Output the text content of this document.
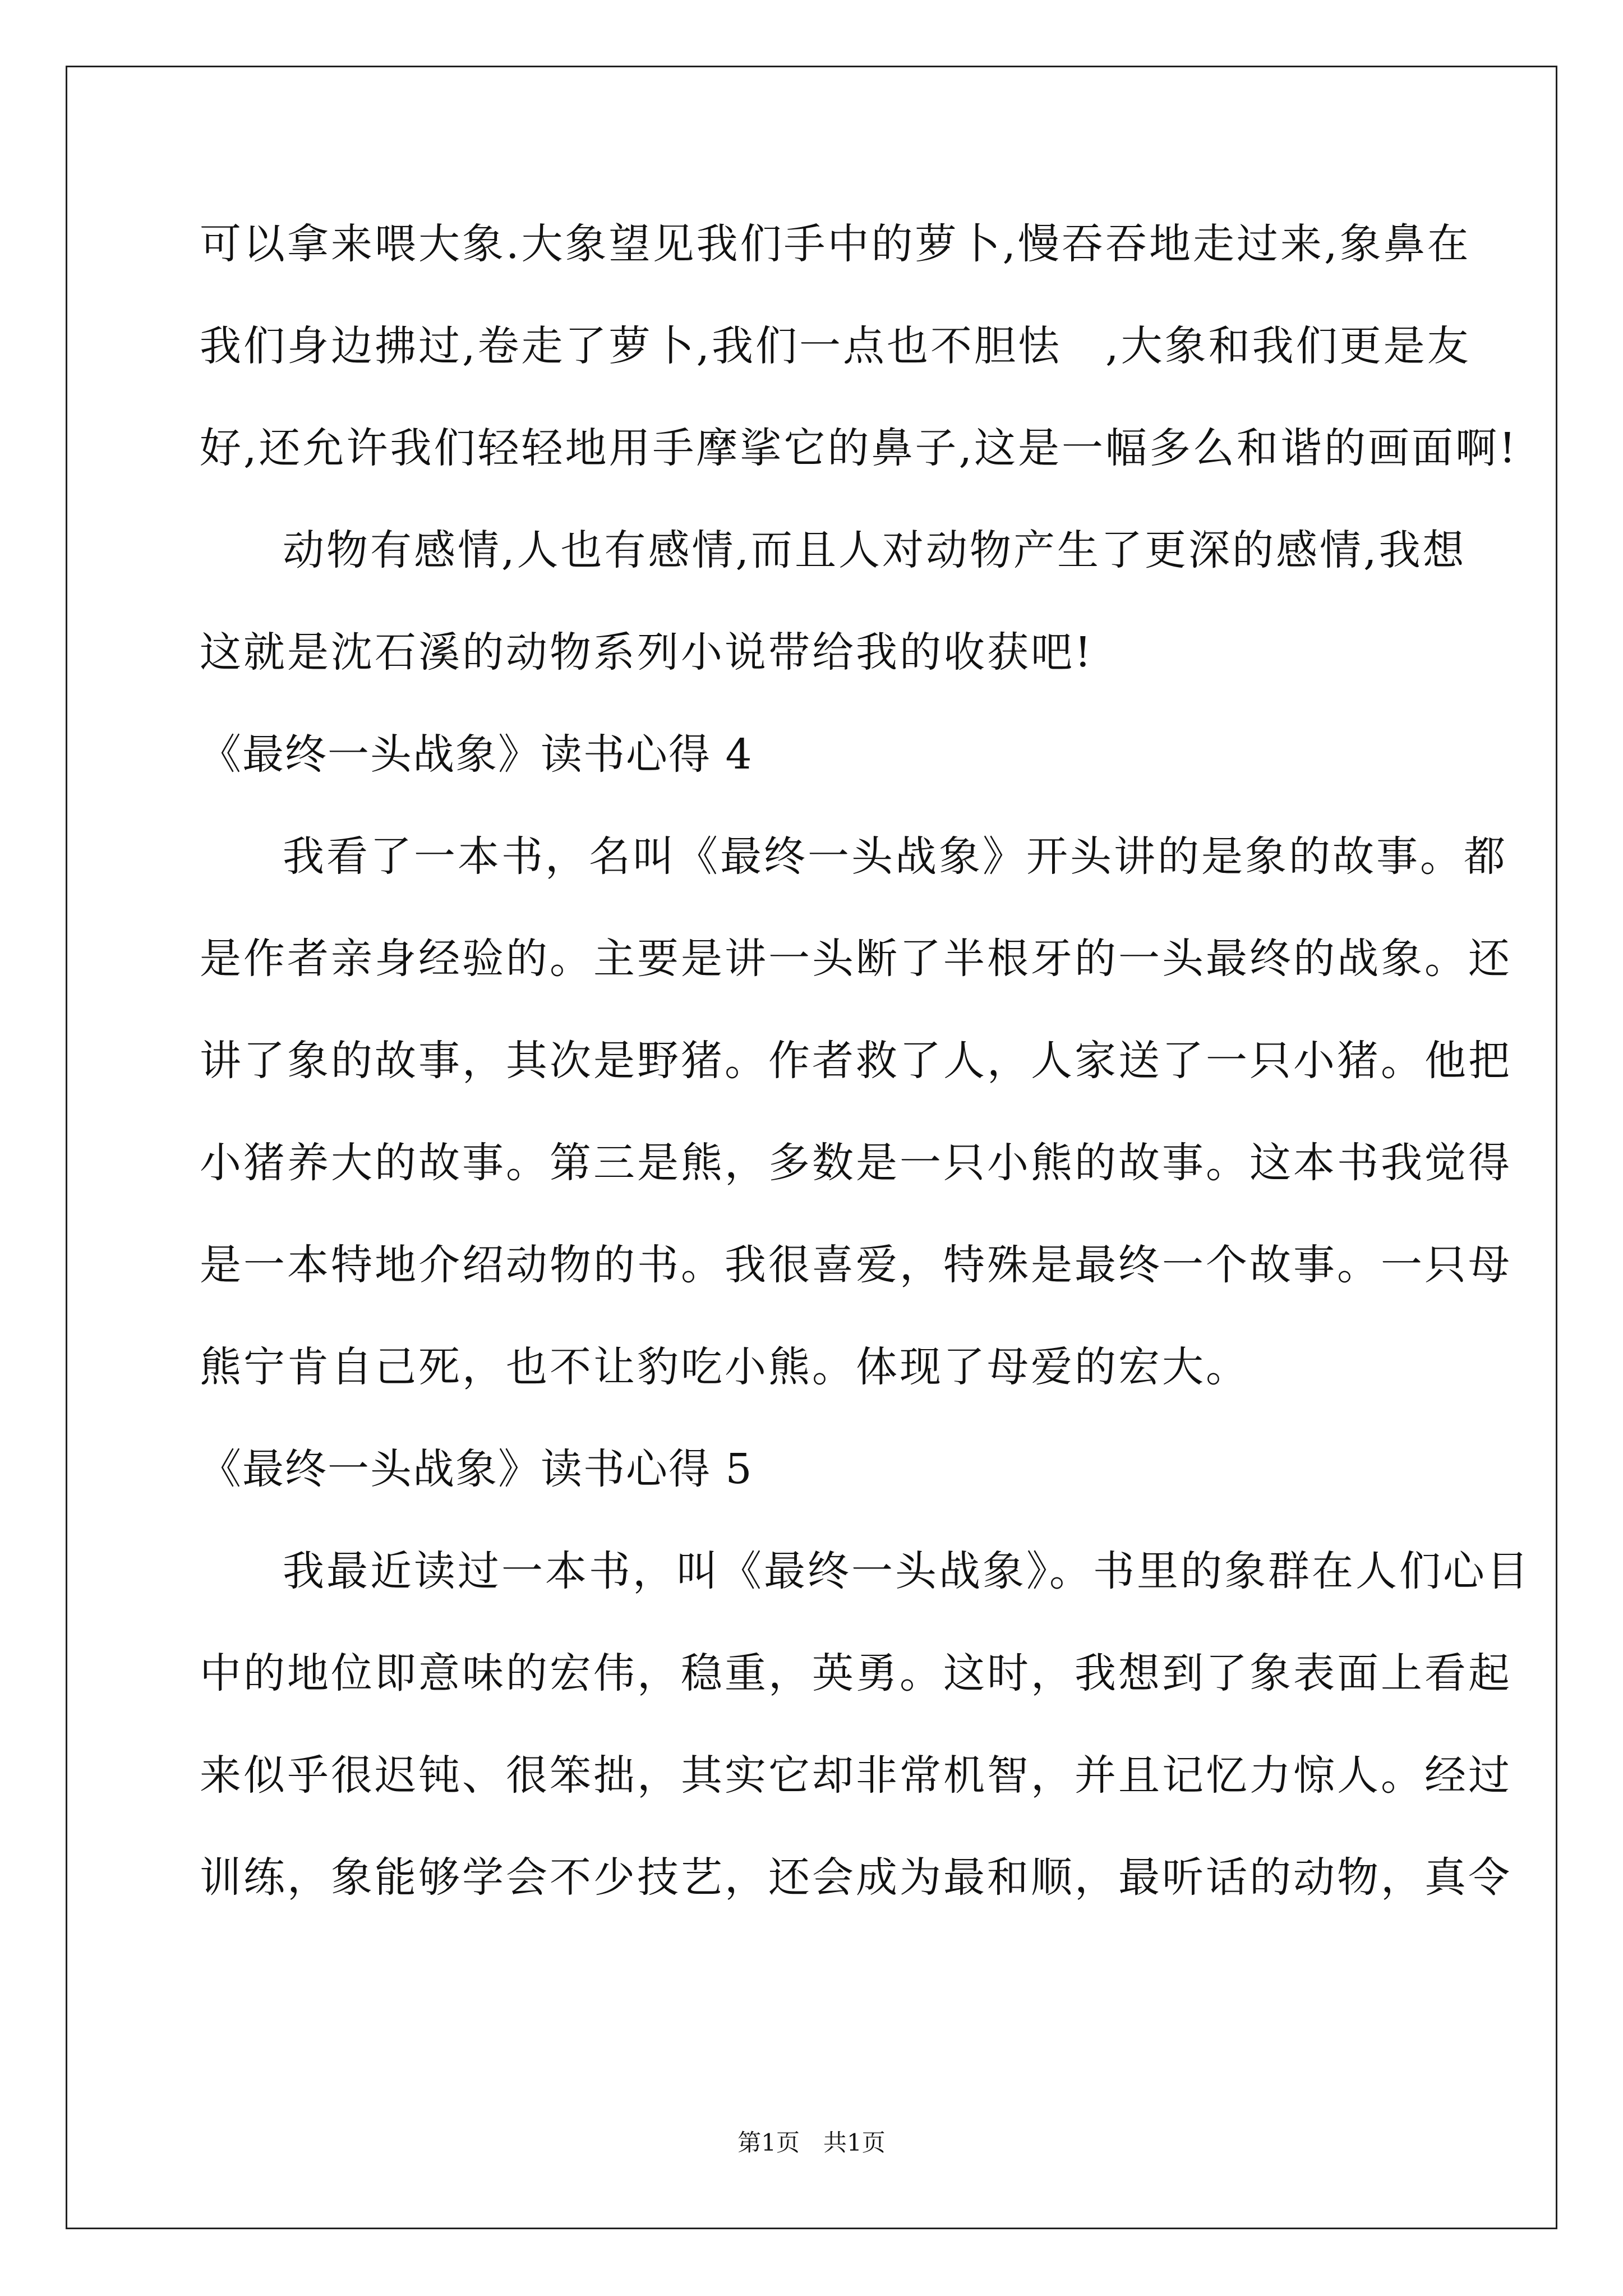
可以拿来喂大象.大象望见我们手中的萝卜,慢吞吞地走过来,象鼻在
我们身边拂过,卷走了萝卜,我们一点也不胆怯　,大象和我们更是友
好,还允许我们轻轻地用手摩挲它的鼻子,这是一幅多么和谐的画面啊!
动物有感情,人也有感情,而且人对动物产生了更深的感情,我想
这就是沈石溪的动物系列小说带给我的收获吧!
《最终一头战象》读书心得 4
我看了一本书，名叫《最终一头战象》开头讲的是象的故事。都
是作者亲身经验的。主要是讲一头断了半根牙的一头最终的战象。还
讲了象的故事，其次是野猪。作者救了人，人家送了一只小猪。他把
小猪养大的故事。第三是熊，多数是一只小熊的故事。这本书我觉得
是一本特地介绍动物的书。我很喜爱，特殊是最终一个故事。一只母
熊宁肯自己死，也不让豹吃小熊。体现了母爱的宏大。
《最终一头战象》读书心得 5
我最近读过一本书，叫《最终一头战象》。书里的象群在人们心目
中的地位即意味的宏伟，稳重，英勇。这时，我想到了象表面上看起
来似乎很迟钝、很笨拙，其实它却非常机智，并且记忆力惊人。经过
训练，象能够学会不少技艺，还会成为最和顺，最听话的动物，真令
第1页　共1页
